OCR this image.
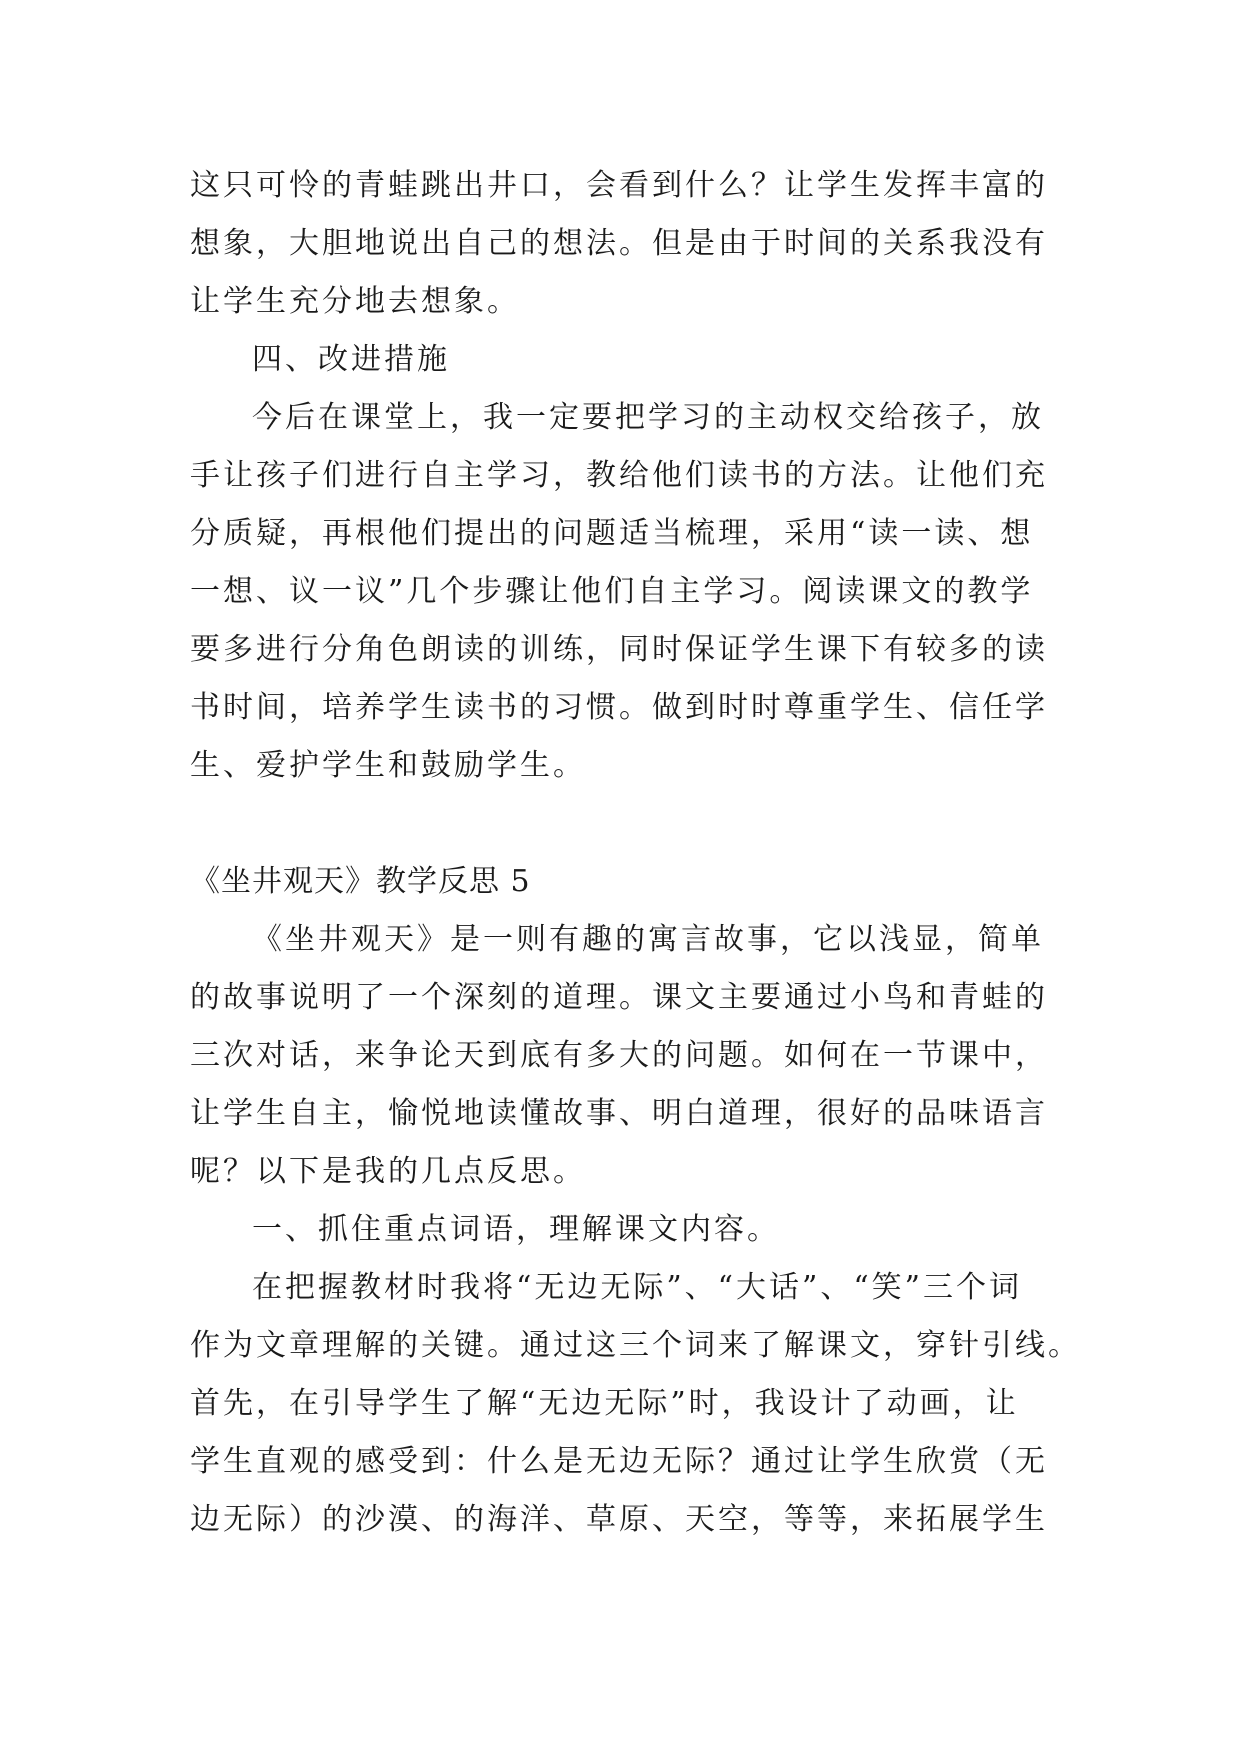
这只可怜的青蛙跳出井口，会看到什么？让学生发挥丰富的
想象，大胆地说出自己的想法。但是由于时间的关系我没有
让学生充分地去想象。
四、改进措施
今后在课堂上，我一定要把学习的主动权交给孩子，放
手让孩子们进行自主学习，教给他们读书的方法。让他们充
分质疑，再根他们提出的问题适当梳理，采用“读一读、想
一想、议一议”几个步骤让他们自主学习。阅读课文的教学
要多进行分角色朗读的训练，同时保证学生课下有较多的读
书时间，培养学生读书的习惯。做到时时尊重学生、信任学
生、爱护学生和鼓励学生。
《坐井观天》教学反思 5
《坐井观天》是一则有趣的寓言故事，它以浅显，简单
的故事说明了一个深刻的道理。课文主要通过小鸟和青蛙的
三次对话，来争论天到底有多大的问题。如何在一节课中，
让学生自主，愉悦地读懂故事、明白道理，很好的品味语言
呢？以下是我的几点反思。
一、抓住重点词语，理解课文内容。
在把握教材时我将“无边无际”、“大话”、“笑”三个词
作为文章理解的关键。通过这三个词来了解课文，穿针引线。
首先，在引导学生了解“无边无际”时，我设计了动画，让
学生直观的感受到：什么是无边无际？通过让学生欣赏（无
边无际）的沙漠、的海洋、草原、天空，等等，来拓展学生
